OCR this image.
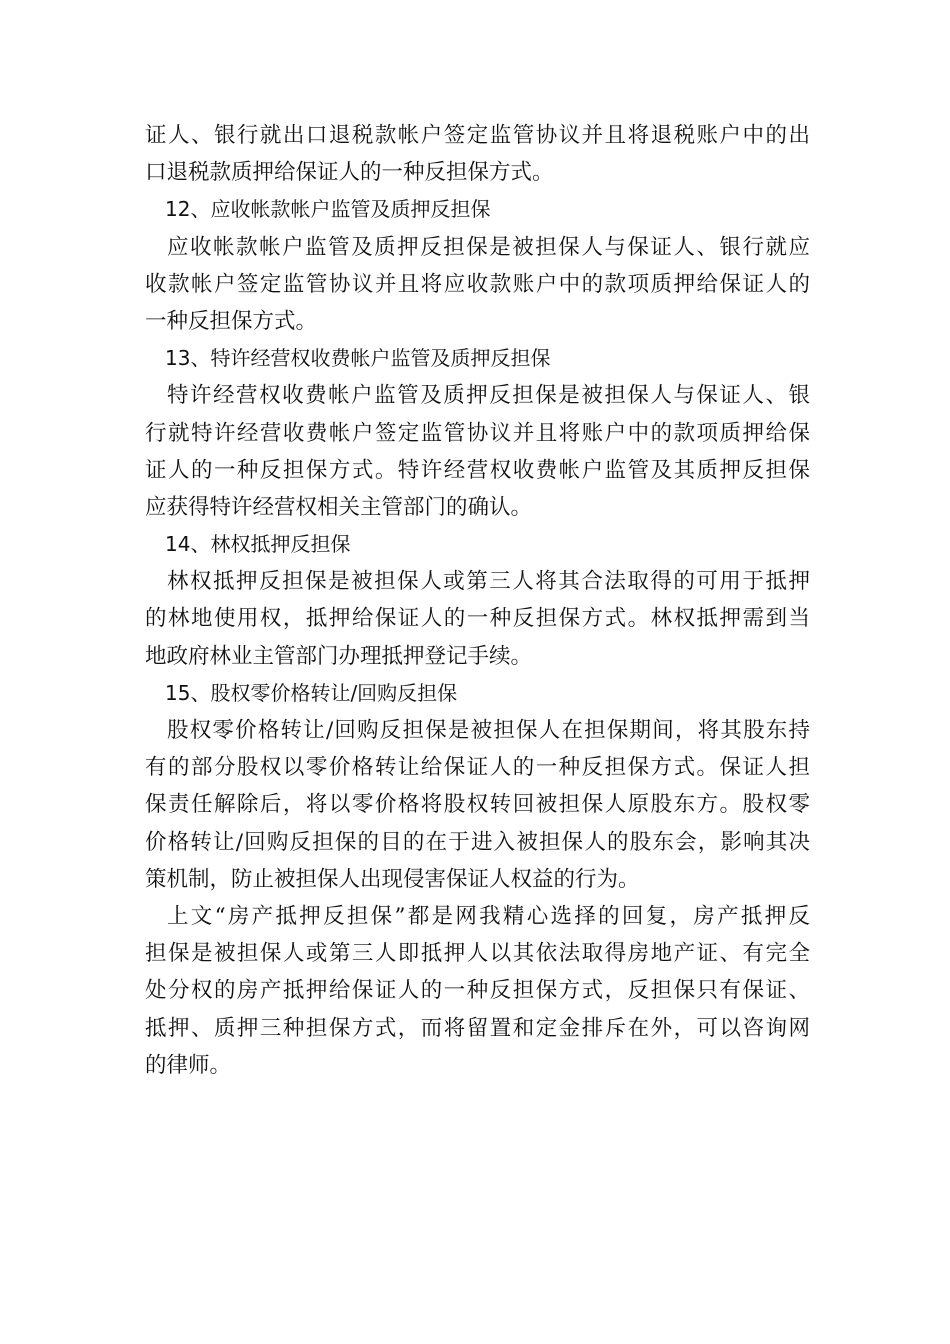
证人、银行就出口退税款帐户签定监管协议并且将退税账户中的出
口退税款质押给保证人的一种反担保方式。
12、应收帐款帐户监管及质押反担保
应收帐款帐户监管及质押反担保是被担保人与保证人、银行就应
收款帐户签定监管协议并且将应收款账户中的款项质押给保证人的
一种反担保方式。
13、特许经营权收费帐户监管及质押反担保
特许经营权收费帐户监管及质押反担保是被担保人与保证人、银
行就特许经营收费帐户签定监管协议并且将账户中的款项质押给保
证人的一种反担保方式。特许经营权收费帐户监管及其质押反担保
应获得特许经营权相关主管部门的确认。
14、林权抵押反担保
林权抵押反担保是被担保人或第三人将其合法取得的可用于抵押
的林地使用权，抵押给保证人的一种反担保方式。林权抵押需到当
地政府林业主管部门办理抵押登记手续。
15、股权零价格转让/回购反担保
股权零价格转让/回购反担保是被担保人在担保期间，将其股东持
有的部分股权以零价格转让给保证人的一种反担保方式。保证人担
保责任解除后，将以零价格将股权转回被担保人原股东方。股权零
价格转让/回购反担保的目的在于进入被担保人的股东会，影响其决
策机制，防止被担保人出现侵害保证人权益的行为。
上文“房产抵押反担保”都是网我精心选择的回复，房产抵押反
担保是被担保人或第三人即抵押人以其依法取得房地产证、有完全
处分权的房产抵押给保证人的一种反担保方式，反担保只有保证、
抵押、质押三种担保方式，而将留置和定金排斥在外，可以咨询网
的律师。
